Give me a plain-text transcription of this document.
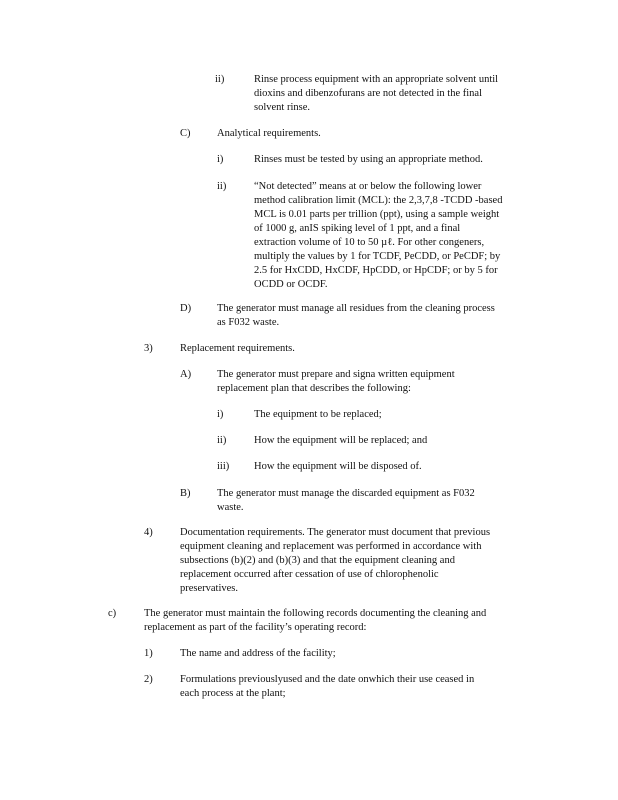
ii)	Rinse process equipment with an appropriate solvent until
dioxins and dibenzofurans are not detected in the final
solvent rinse.
C)	Analytical requirements.
i)	Rinses must be tested by using an appropriate method.
ii)	“Not detected” means at or below the following lower
method calibration limit (MCL): the 2,3,7,8 -TCDD -based
MCL is 0.01 parts per trillion (ppt), using a sample weight
of 1000 g, anIS spiking level of 1 ppt, and a final
extraction volume of 10 to 50 µℓ. For other congeners,
multiply the values by 1 for TCDF, PeCDD, or PeCDF; by
2.5 for HxCDD, HxCDF, HpCDD, or HpCDF; or by 5 for
OCDD or OCDF.
D) The generator must manage all residues from the cleaning process
as F032 waste.
3)	Replacement requirements.
A) The generator must prepare and signa written equipment
replacement plan that describes the following:
i)	The equipment to be replaced;
ii)	How the equipment will be replaced; and
iii) How the equipment will be disposed of.
B)	The generator must manage the discarded equipment as F032
waste.
4)	Documentation requirements. The generator must document that previous
equipment cleaning and replacement was performed in accordance with
subsections (b)(2) and (b)(3) and that the equipment cleaning and
replacement occurred after cessation of use of chlorophenolic
preservatives.
c)	The generator must maintain the following records documenting the cleaning and
replacement as part of the facility’s operating record:
1)	The name and address of the facility;
2)	Formulations previouslyused and the date onwhich their use ceased in
each process at the plant;
